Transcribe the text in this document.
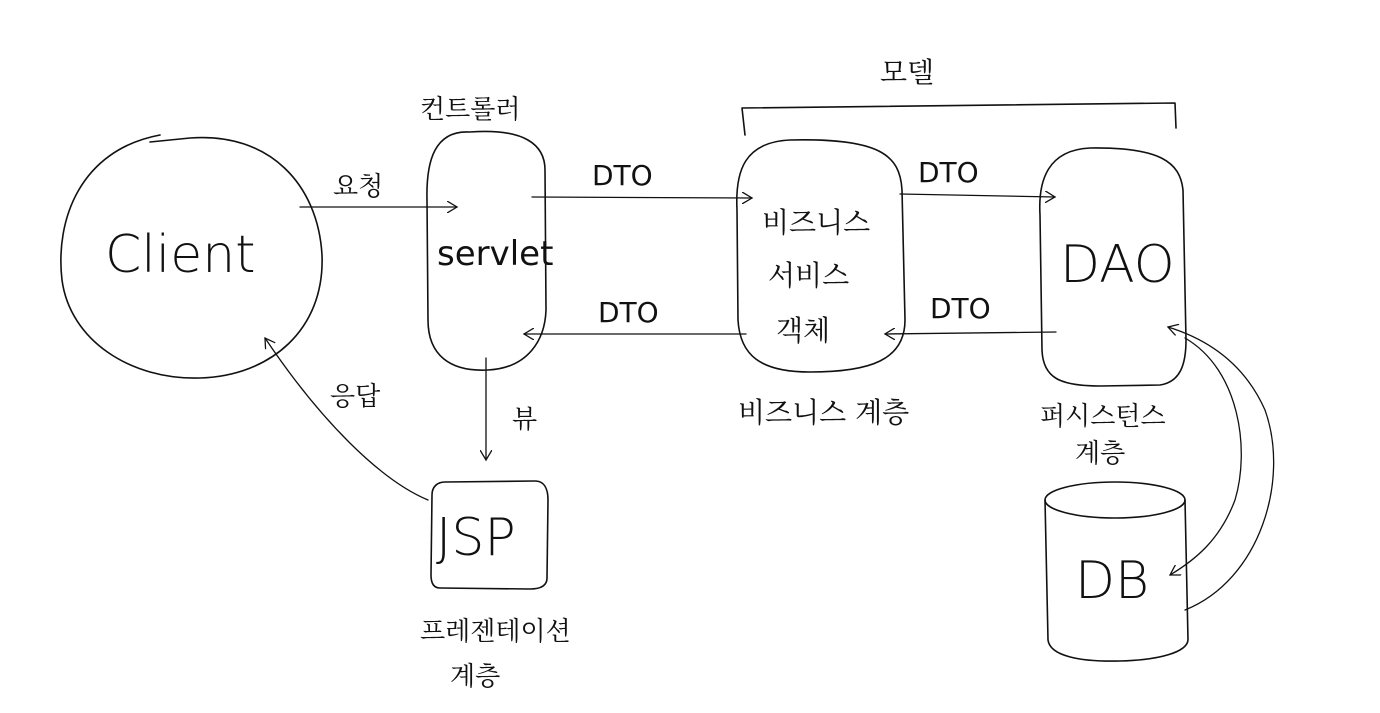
Client
컨트롤러
servlet
요청
모델
비즈니스
서비스
객체
비즈니스 계층
DTO
DTO
DAO
퍼시스턴스
계층
DTO
DTO
JSP
프레젠테이션
계층
뷰
응답
DB
